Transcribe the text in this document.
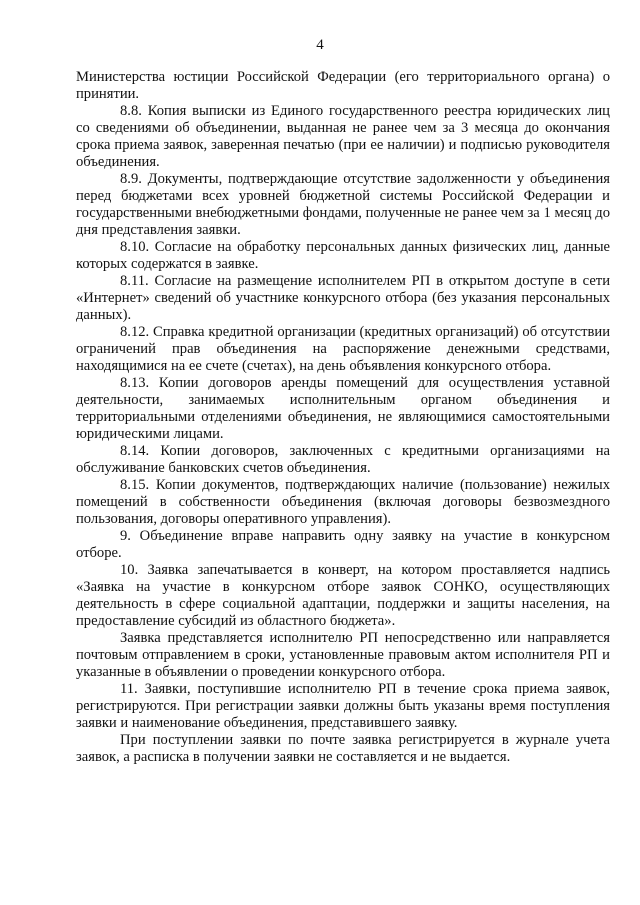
4

Министерства юстиции Российской Федерации (его территориального органа) о принятии.

8.8. Копия выписки из Единого государственного реестра юридических лиц со сведениями об объединении, выданная не ранее чем за 3 месяца до окончания срока приема заявок, заверенная печатью (при ее наличии) и подписью руководителя объединения.

8.9. Документы, подтверждающие отсутствие задолженности у объединения перед бюджетами всех уровней бюджетной системы Российской Федерации и государственными внебюджетными фондами, полученные не ранее чем за 1 месяц до дня представления заявки.

8.10. Согласие на обработку персональных данных физических лиц, данные которых содержатся в заявке.

8.11. Согласие на размещение исполнителем РП в открытом доступе в сети «Интернет» сведений об участнике конкурсного отбора (без указания персональных данных).

8.12. Справка кредитной организации (кредитных организаций) об отсутствии ограничений прав объединения на распоряжение денежными средствами, находящимися на ее счете (счетах), на день объявления конкурсного отбора.

8.13. Копии договоров аренды помещений для осуществления уставной деятельности, занимаемых исполнительным органом объединения и территориальными отделениями объединения, не являющимися самостоятельными юридическими лицами.

8.14. Копии договоров, заключенных с кредитными организациями на обслуживание банковских счетов объединения.

8.15. Копии документов, подтверждающих наличие (пользование) нежилых помещений в собственности объединения (включая договоры безвозмездного пользования, договоры оперативного управления).

9. Объединение вправе направить одну заявку на участие в конкурсном отборе.

10. Заявка запечатывается в конверт, на котором проставляется надпись «Заявка на участие в конкурсном отборе заявок СОНКО, осуществляющих деятельность в сфере социальной адаптации, поддержки и защиты населения, на предоставление субсидий из областного бюджета».

Заявка представляется исполнителю РП непосредственно или направляется почтовым отправлением в сроки, установленные правовым актом исполнителя РП и указанные в объявлении о проведении конкурсного отбора.

11. Заявки, поступившие исполнителю РП в течение срока приема заявок, регистрируются. При регистрации заявки должны быть указаны время поступления заявки и наименование объединения, представившего заявку.

При поступлении заявки по почте заявка регистрируется в журнале учета заявок, а расписка в получении заявки не составляется и не выдается.
